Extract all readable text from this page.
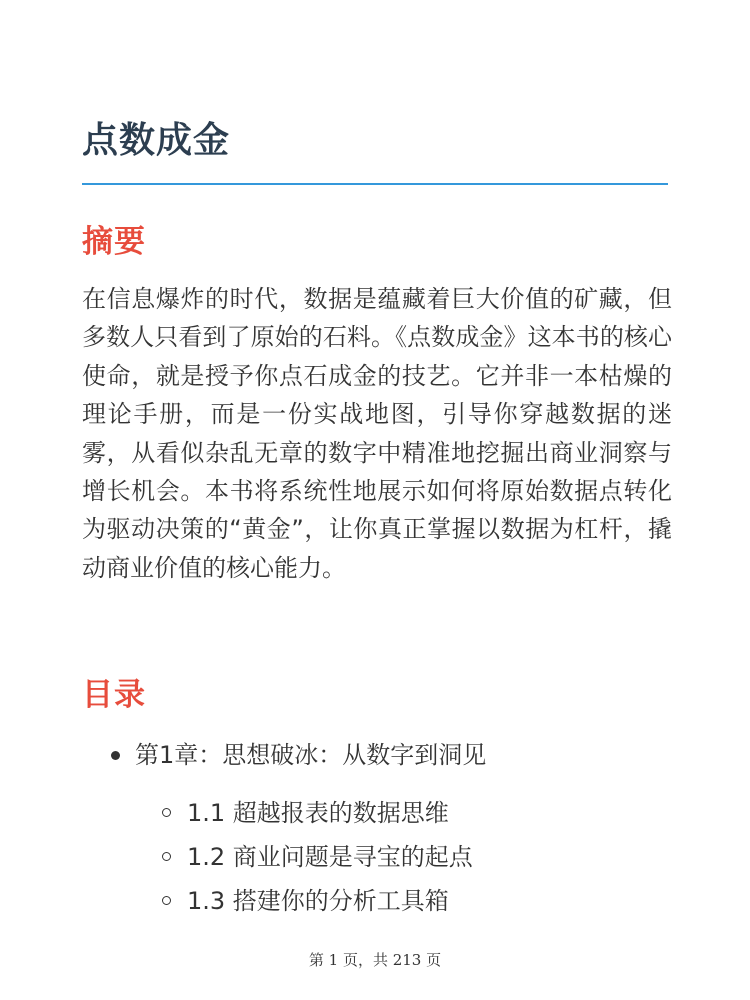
点数成金
摘要

在信息爆炸的时代，数据是蕴藏着巨大价值的矿藏，但多数人只看到了原始的石料。《点数成金》这本书的核心使命，就是授予你点石成金的技艺。它并非一本枯燥的理论手册，而是一份实战地图，引导你穿越数据的迷雾，从看似杂乱无章的数字中精准地挖掘出商业洞察与增长机会。本书将系统性地展示如何将原始数据点转化为驱动决策的“黄金”，让你真正掌握以数据为杠杆，撬动商业价值的核心能力。

目录
第1章：思想破冰：从数字到洞见
1.1 超越报表的数据思维
1.2 商业问题是寻宝的起点
1.3 搭建你的分析工具箱
第 1 页，共 213 页
